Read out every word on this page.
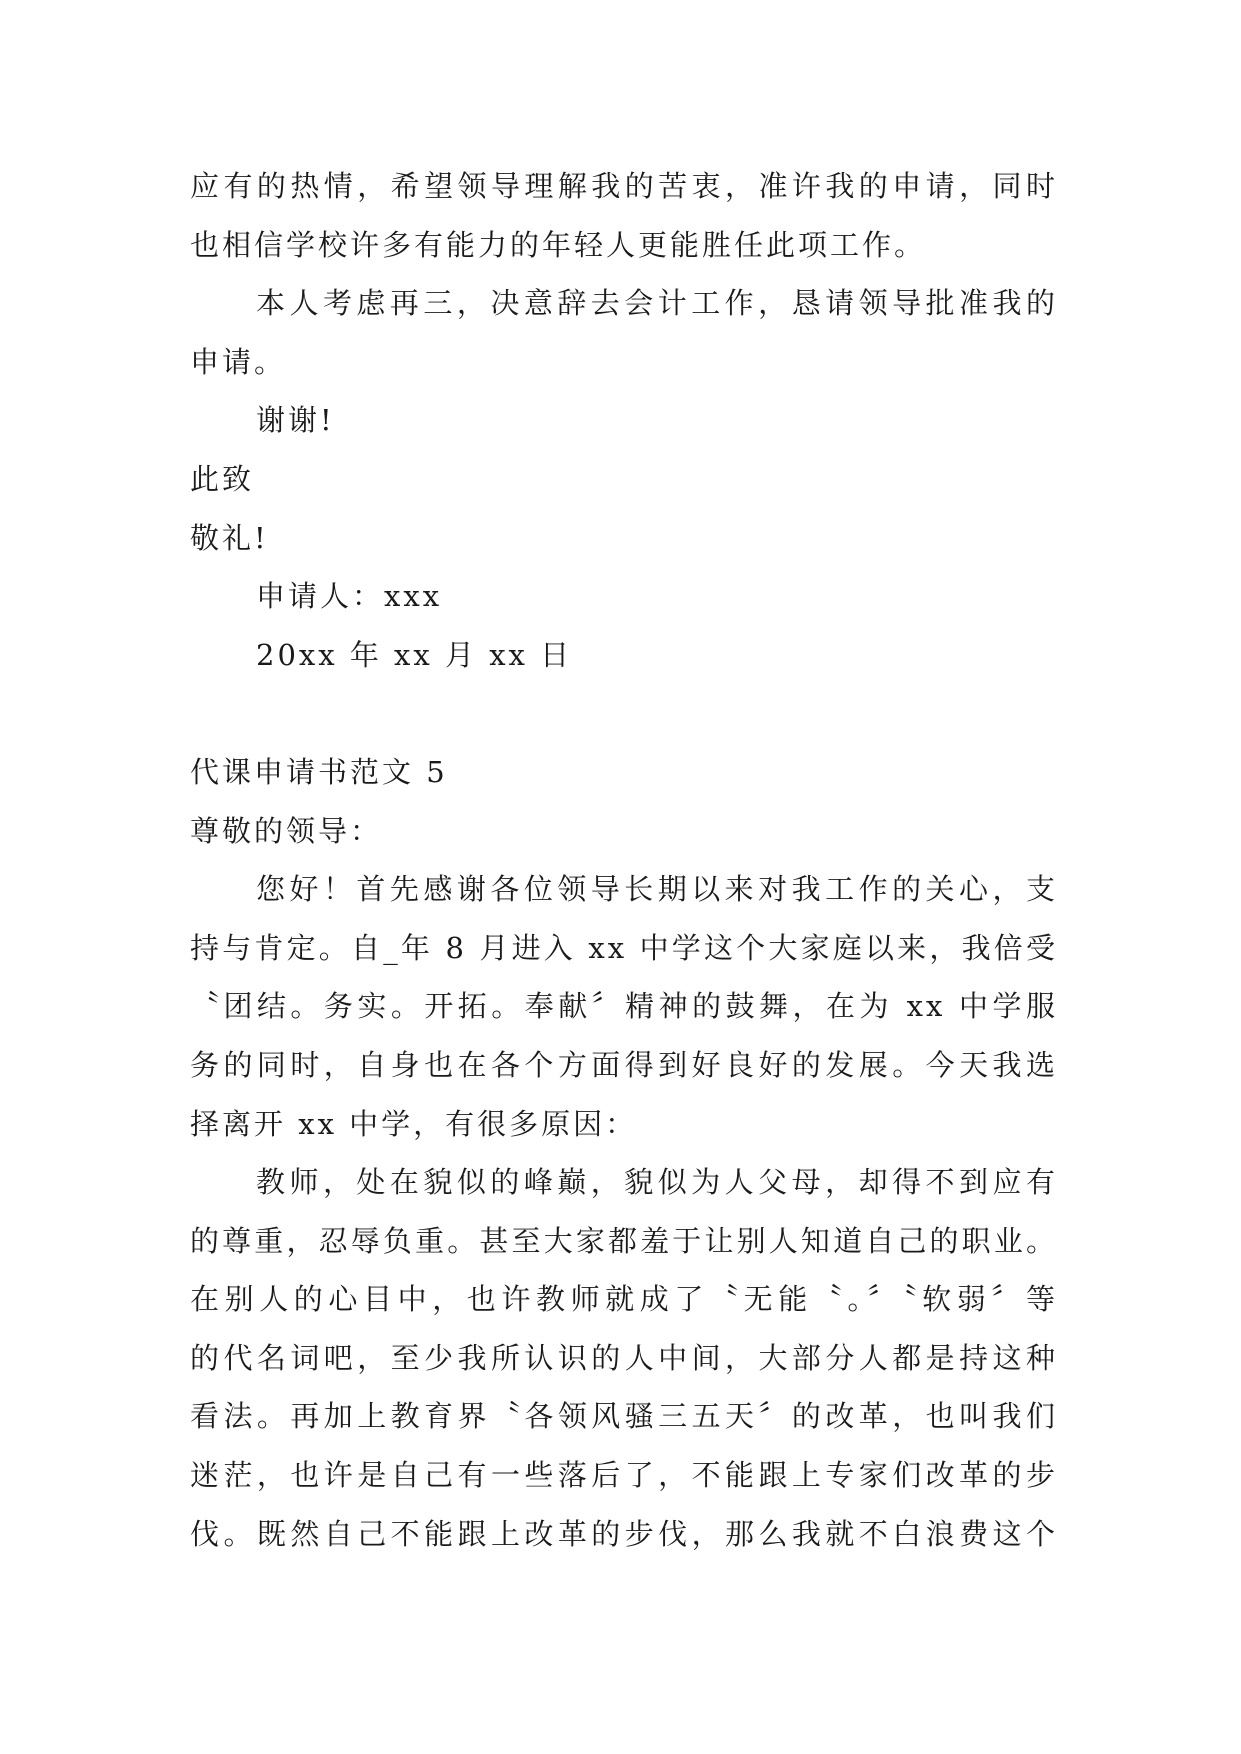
应有的热情，希望领导理解我的苦衷，准许我的申请，同时
也相信学校许多有能力的年轻人更能胜任此项工作。
本人考虑再三，决意辞去会计工作，恳请领导批准我的
申请。
谢谢!
此致
敬礼!
申请人：xxx
20xx 年 xx 月 xx 日
代课申请书范文 5
尊敬的领导：
您好！首先感谢各位领导长期以来对我工作的关心，支
持与肯定。自_年 8 月进入 xx 中学这个大家庭以来，我倍受
〝团结。务实。开拓。奉献〞精神的鼓舞，在为 xx 中学服
务的同时，自身也在各个方面得到好良好的发展。今天我选
择离开 xx 中学，有很多原因：
教师，处在貌似的峰巅，貌似为人父母，却得不到应有
的尊重，忍辱负重。甚至大家都羞于让别人知道自己的职业。
在别人的心目中，也许教师就成了〝无能〝。〞〝软弱〞等
的代名词吧，至少我所认识的人中间，大部分人都是持这种
看法。再加上教育界〝各领风骚三五天〞的改革，也叫我们
迷茫，也许是自己有一些落后了，不能跟上专家们改革的步
伐。既然自己不能跟上改革的步伐，那么我就不白浪费这个
